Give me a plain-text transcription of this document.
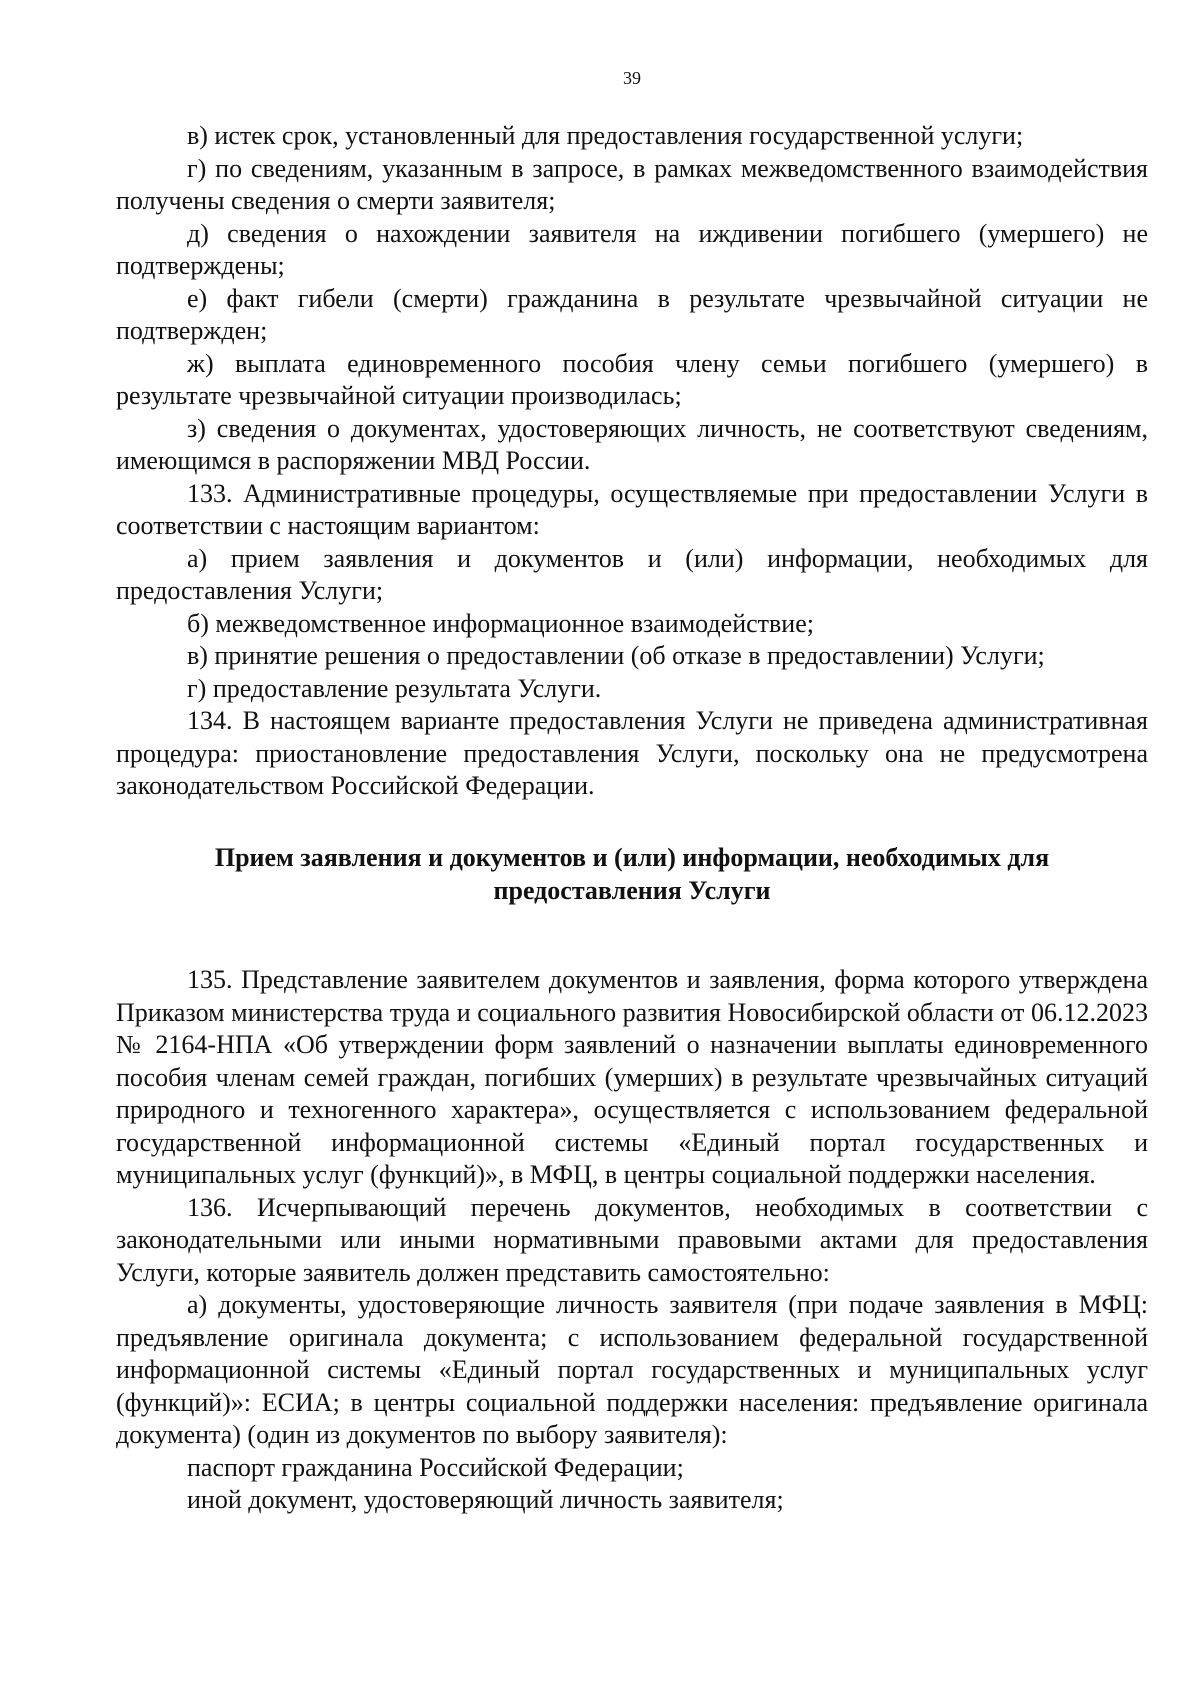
39

в) истек срок, установленный для предоставления государственной услуги;

г) по сведениям, указанным в запросе, в рамках межведомственного взаимодействия получены сведения о смерти заявителя;

д) сведения о нахождении заявителя на иждивении погибшего (умершего) не подтверждены;

е) факт гибели (смерти) гражданина в результате чрезвычайной ситуации не подтвержден;

ж) выплата единовременного пособия члену семьи погибшего (умершего) в результате чрезвычайной ситуации производилась;

з) сведения о документах, удостоверяющих личность, не соответствуют сведениям, имеющимся в распоряжении МВД России.

133. Административные процедуры, осуществляемые при предоставлении Услуги в соответствии с настоящим вариантом:

а) прием заявления и документов и (или) информации, необходимых для предоставления Услуги;

б) межведомственное информационное взаимодействие;

в) принятие решения о предоставлении (об отказе в предоставлении) Услуги;

г) предоставление результата Услуги.

134. В настоящем варианте предоставления Услуги не приведена административная процедура: приостановление предоставления Услуги, поскольку она не предусмотрена законодательством Российской Федерации.

Прием заявления и документов и (или) информации, необходимых для
предоставления Услуги

135. Представление заявителем документов и заявления, форма которого утверждена Приказом министерства труда и социального развития Новосибирской области от 06.12.2023 № 2164-НПА «Об утверждении форм заявлений о назначении выплаты единовременного пособия членам семей граждан, погибших (умерших) в результате чрезвычайных ситуаций природного и техногенного характера», осуществляется с использованием федеральной государственной информационной системы «Единый портал государственных и муниципальных услуг (функций)», в МФЦ, в центры социальной поддержки населения.

136. Исчерпывающий перечень документов, необходимых в соответствии с законодательными или иными нормативными правовыми актами для предоставления Услуги, которые заявитель должен представить самостоятельно:

а) документы, удостоверяющие личность заявителя (при подаче заявления в МФЦ: предъявление оригинала документа; с использованием федеральной государственной информационной системы «Единый портал государственных и муниципальных услуг (функций)»: ЕСИА; в центры социальной поддержки населения: предъявление оригинала документа) (один из документов по выбору заявителя):

паспорт гражданина Российской Федерации;

иной документ, удостоверяющий личность заявителя;
